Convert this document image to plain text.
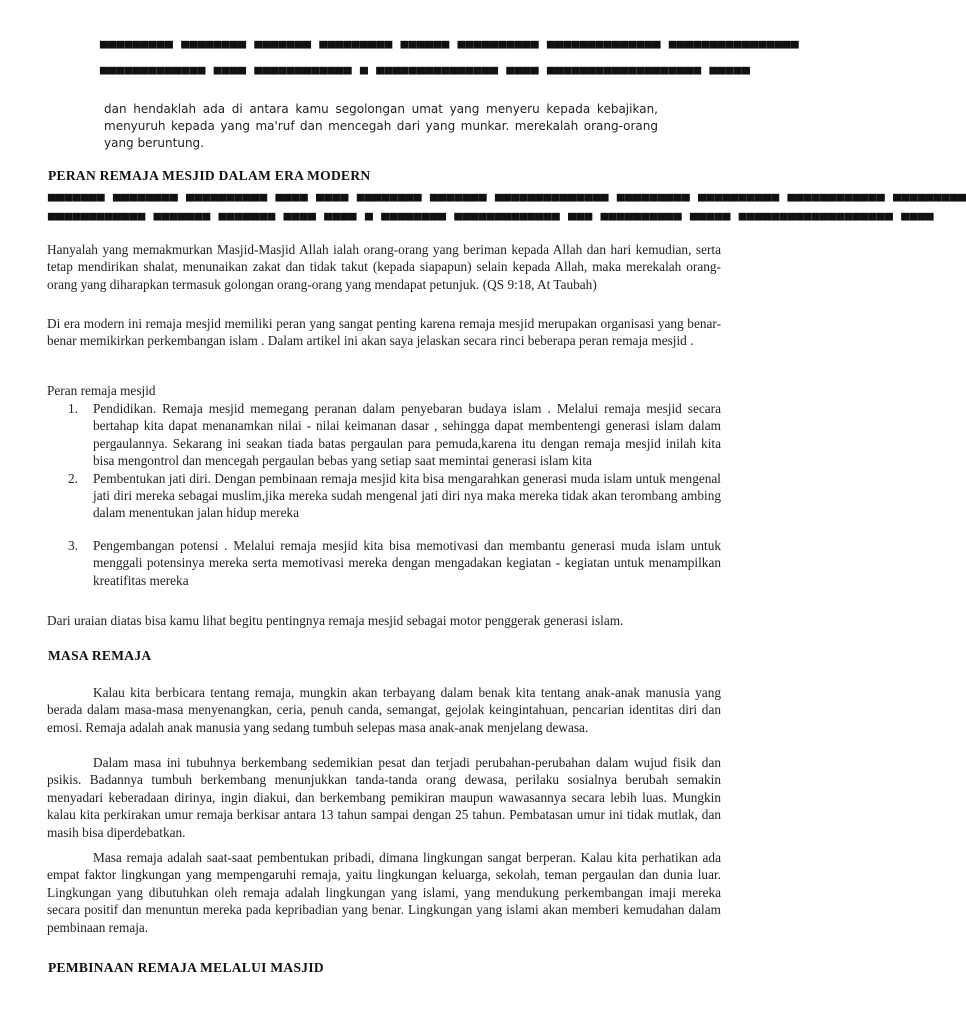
▀▀▀▀▀▀▀▀▀ ▀▀▀▀▀▀▀▀ ▀▀▀▀▀▀▀ ▀▀▀▀▀▀▀▀▀ ▀▀▀▀▀▀ ▀▀▀▀▀▀▀▀▀▀ ▀▀▀▀▀▀▀▀▀▀▀▀▀▀ ▀▀▀▀▀▀▀▀▀▀▀▀▀▀▀▀
▀▀▀▀▀▀▀▀▀▀▀▀▀ ▀▀▀▀ ▀▀▀▀▀▀▀▀▀▀▀▀ ▀ ▀▀▀▀▀▀▀▀▀▀▀▀▀▀▀ ▀▀▀▀ ▀▀▀▀▀▀▀▀▀▀▀▀▀▀▀▀▀▀▀ ▀▀▀▀▀

dan hendaklah ada di antara kamu segolongan umat yang menyeru kepada kebajikan, menyuruh kepada yang ma'ruf dan mencegah dari yang munkar. merekalah orang-orang yang beruntung.

PERAN REMAJA MESJID DALAM ERA MODERN
▀▀▀▀▀▀▀ ▀▀▀▀▀▀▀▀ ▀▀▀▀▀▀▀▀▀▀ ▀▀▀▀ ▀▀▀▀ ▀▀▀▀▀▀▀▀ ▀▀▀▀▀▀▀ ▀▀▀▀▀▀▀▀▀▀▀▀▀▀ ▀▀▀▀▀▀▀▀▀ ▀▀▀▀▀▀▀▀▀▀ ▀▀▀▀▀▀▀▀▀▀▀▀ ▀▀▀▀▀▀▀▀▀
▀▀▀▀▀▀▀▀▀▀▀▀ ▀▀▀▀▀▀▀ ▀▀▀▀▀▀▀ ▀▀▀▀ ▀▀▀▀ ▀ ▀▀▀▀▀▀▀▀ ▀▀▀▀▀▀▀▀▀▀▀▀▀ ▀▀▀ ▀▀▀▀▀▀▀▀▀▀ ▀▀▀▀▀ ▀▀▀▀▀▀▀▀▀▀▀▀▀▀▀▀▀▀▀ ▀▀▀▀

Hanyalah yang memakmurkan Masjid-Masjid Allah ialah orang-orang yang beriman kepada Allah dan hari kemudian, serta tetap mendirikan shalat, menunaikan zakat dan tidak takut (kepada siapapun) selain kepada Allah, maka merekalah orang-orang yang diharapkan termasuk golongan orang-orang yang mendapat petunjuk. (QS 9:18, At Taubah)

Di era modern ini remaja mesjid memiliki peran yang sangat penting karena remaja mesjid merupakan organisasi yang benar-benar memikirkan perkembangan islam . Dalam artikel ini akan saya jelaskan secara rinci beberapa peran remaja mesjid .

Peran remaja mesjid

1. Pendidikan. Remaja mesjid memegang peranan dalam penyebaran budaya islam . Melalui remaja mesjid secara bertahap kita dapat menanamkan nilai - nilai keimanan dasar , sehingga dapat membentengi generasi islam dalam pergaulannya. Sekarang ini seakan tiada batas pergaulan para pemuda,karena itu dengan remaja mesjid inilah kita bisa mengontrol dan mencegah pergaulan bebas yang setiap saat memintai generasi islam kita
2. Pembentukan jati diri. Dengan pembinaan remaja mesjid kita bisa mengarahkan generasi muda islam untuk mengenal jati diri mereka sebagai muslim,jika mereka sudah mengenal jati diri nya maka mereka tidak akan terombang ambing dalam menentukan jalan hidup mereka
3. Pengembangan potensi . Melalui remaja mesjid kita bisa memotivasi dan membantu generasi muda islam untuk menggali potensinya mereka serta memotivasi mereka dengan mengadakan kegiatan - kegiatan untuk menampilkan kreatifitas mereka

Dari uraian diatas bisa kamu lihat begitu pentingnya remaja mesjid sebagai motor penggerak generasi islam.

MASA REMAJA

Kalau kita berbicara tentang remaja, mungkin akan terbayang dalam benak kita tentang anak-anak manusia yang berada dalam masa-masa menyenangkan, ceria, penuh canda, semangat, gejolak keingintahuan, pencarian identitas diri dan emosi. Remaja adalah anak manusia yang sedang tumbuh selepas masa anak-anak menjelang dewasa.

Dalam masa ini tubuhnya berkembang sedemikian pesat dan terjadi perubahan-perubahan dalam wujud fisik dan psikis. Badannya tumbuh berkembang menunjukkan tanda-tanda orang dewasa, perilaku sosialnya berubah semakin menyadari keberadaan dirinya, ingin diakui, dan berkembang pemikiran maupun wawasannya secara lebih luas. Mungkin kalau kita perkirakan umur remaja berkisar antara 13 tahun sampai dengan 25 tahun. Pembatasan umur ini tidak mutlak, dan masih bisa diperdebatkan.

Masa remaja adalah saat-saat pembentukan pribadi, dimana lingkungan sangat berperan. Kalau kita perhatikan ada empat faktor lingkungan yang mempengaruhi remaja, yaitu lingkungan keluarga, sekolah, teman pergaulan dan dunia luar. Lingkungan yang dibutuhkan oleh remaja adalah lingkungan yang islami, yang mendukung perkembangan imaji mereka secara positif dan menuntun mereka pada kepribadian yang benar. Lingkungan yang islami akan memberi kemudahan dalam pembinaan remaja.

PEMBINAAN REMAJA MELALUI MASJID
